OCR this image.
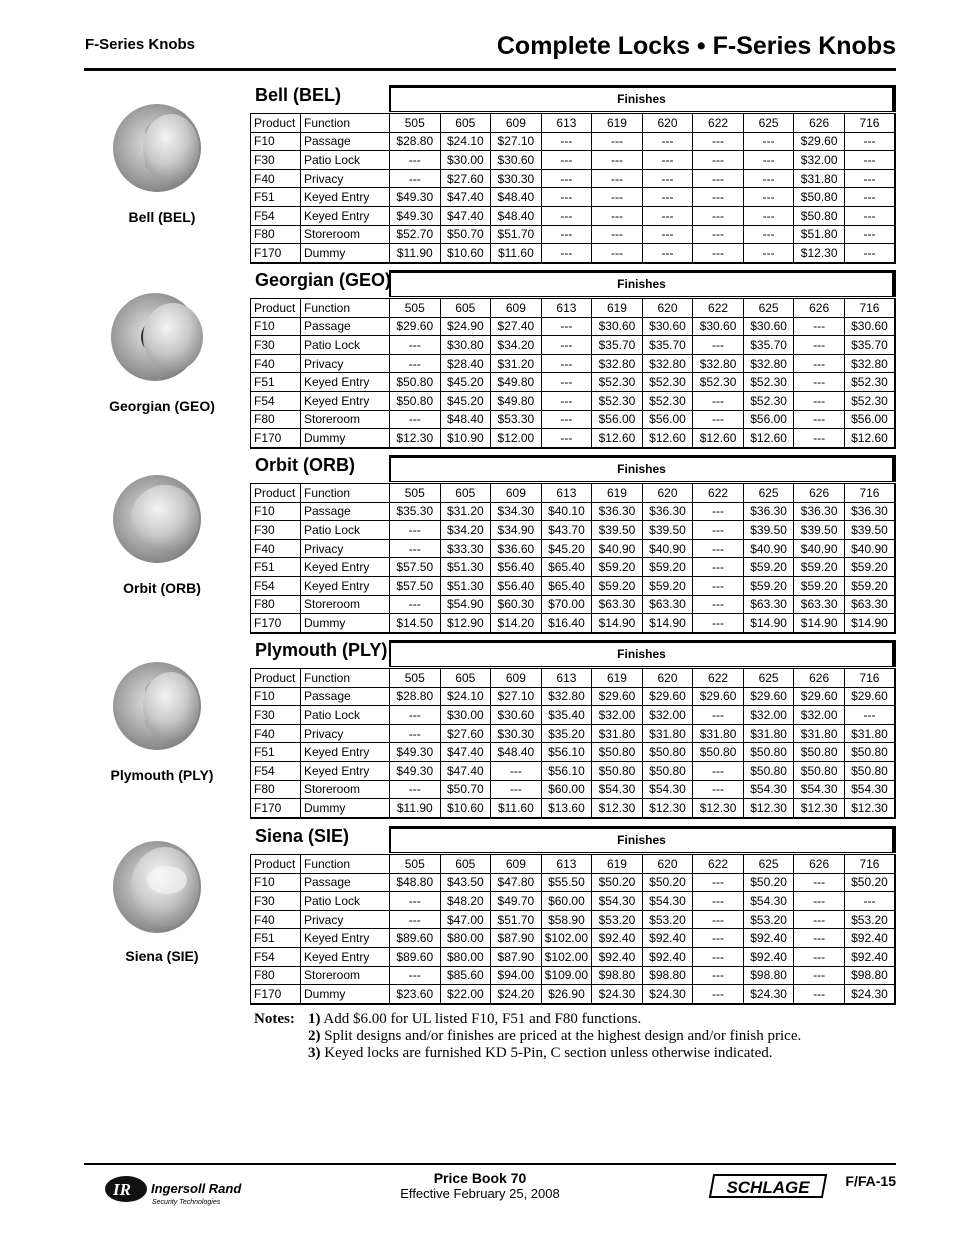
F-Series Knobs	Complete Locks • F-Series Knobs
Bell (BEL)
Georgian (GEO)
Orbit (ORB)
Plymouth (PLY)
Siena (SIE)
Bell (BEL)	Finishes
Product	Function	505	605	609	613	619	620	622	625	626	716
F10	Passage	$28.80	$24.10	$27.10	---	---	---	---	---	$29.60	---
F30	Patio Lock	---	$30.00	$30.60	---	---	---	---	---	$32.00	---
F40	Privacy	---	$27.60	$30.30	---	---	---	---	---	$31.80	---
F51	Keyed Entry	$49.30	$47.40	$48.40	---	---	---	---	---	$50.80	---
F54	Keyed Entry	$49.30	$47.40	$48.40	---	---	---	---	---	$50.80	---
F80	Storeroom	$52.70	$50.70	$51.70	---	---	---	---	---	$51.80	---
F170	Dummy	$11.90	$10.60	$11.60	---	---	---	---	---	$12.30	---
Georgian (GEO)	Finishes
Product	Function	505	605	609	613	619	620	622	625	626	716
F10	Passage	$29.60	$24.90	$27.40	---	$30.60	$30.60	$30.60	$30.60	---	$30.60
F30	Patio Lock	---	$30.80	$34.20	---	$35.70	$35.70	---	$35.70	---	$35.70
F40	Privacy	---	$28.40	$31.20	---	$32.80	$32.80	$32.80	$32.80	---	$32.80
F51	Keyed Entry	$50.80	$45.20	$49.80	---	$52.30	$52.30	$52.30	$52.30	---	$52.30
F54	Keyed Entry	$50.80	$45.20	$49.80	---	$52.30	$52.30	---	$52.30	---	$52.30
F80	Storeroom	---	$48.40	$53.30	---	$56.00	$56.00	---	$56.00	---	$56.00
F170	Dummy	$12.30	$10.90	$12.00	---	$12.60	$12.60	$12.60	$12.60	---	$12.60
Orbit (ORB)	Finishes
Product	Function	505	605	609	613	619	620	622	625	626	716
F10	Passage	$35.30	$31.20	$34.30	$40.10	$36.30	$36.30	---	$36.30	$36.30	$36.30
F30	Patio Lock	---	$34.20	$34.90	$43.70	$39.50	$39.50	---	$39.50	$39.50	$39.50
F40	Privacy	---	$33.30	$36.60	$45.20	$40.90	$40.90	---	$40.90	$40.90	$40.90
F51	Keyed Entry	$57.50	$51.30	$56.40	$65.40	$59.20	$59.20	---	$59.20	$59.20	$59.20
F54	Keyed Entry	$57.50	$51.30	$56.40	$65.40	$59.20	$59.20	---	$59.20	$59.20	$59.20
F80	Storeroom	---	$54.90	$60.30	$70.00	$63.30	$63.30	---	$63.30	$63.30	$63.30
F170	Dummy	$14.50	$12.90	$14.20	$16.40	$14.90	$14.90	---	$14.90	$14.90	$14.90
Plymouth (PLY)	Finishes
Product	Function	505	605	609	613	619	620	622	625	626	716
F10	Passage	$28.80	$24.10	$27.10	$32.80	$29.60	$29.60	$29.60	$29.60	$29.60	$29.60
F30	Patio Lock	---	$30.00	$30.60	$35.40	$32.00	$32.00	---	$32.00	$32.00	---
F40	Privacy	---	$27.60	$30.30	$35.20	$31.80	$31.80	$31.80	$31.80	$31.80	$31.80
F51	Keyed Entry	$49.30	$47.40	$48.40	$56.10	$50.80	$50.80	$50.80	$50.80	$50.80	$50.80
F54	Keyed Entry	$49.30	$47.40	---	$56.10	$50.80	$50.80	---	$50.80	$50.80	$50.80
F80	Storeroom	---	$50.70	---	$60.00	$54.30	$54.30	---	$54.30	$54.30	$54.30
F170	Dummy	$11.90	$10.60	$11.60	$13.60	$12.30	$12.30	$12.30	$12.30	$12.30	$12.30
Siena (SIE)	Finishes
Product	Function	505	605	609	613	619	620	622	625	626	716
F10	Passage	$48.80	$43.50	$47.80	$55.50	$50.20	$50.20	---	$50.20	---	$50.20
F30	Patio Lock	---	$48.20	$49.70	$60.00	$54.30	$54.30	---	$54.30	---	---
F40	Privacy	---	$47.00	$51.70	$58.90	$53.20	$53.20	---	$53.20	---	$53.20
F51	Keyed Entry	$89.60	$80.00	$87.90	$102.00	$92.40	$92.40	---	$92.40	---	$92.40
F54	Keyed Entry	$89.60	$80.00	$87.90	$102.00	$92.40	$92.40	---	$92.40	---	$92.40
F80	Storeroom	---	$85.60	$94.00	$109.00	$98.80	$98.80	---	$98.80	---	$98.80
F170	Dummy	$23.60	$22.00	$24.20	$26.90	$24.30	$24.30	---	$24.30	---	$24.30
Notes: 1) Add $6.00 for UL listed F10, F51 and F80 functions.
2) Split designs and/or finishes are priced at the highest design and/or finish price.
3) Keyed locks are furnished KD 5-Pin, C section unless otherwise indicated.
IR Ingersoll Rand
Security Technologies
Price Book 70
Effective February 25, 2008	SCHLAGE	F/FA-15
